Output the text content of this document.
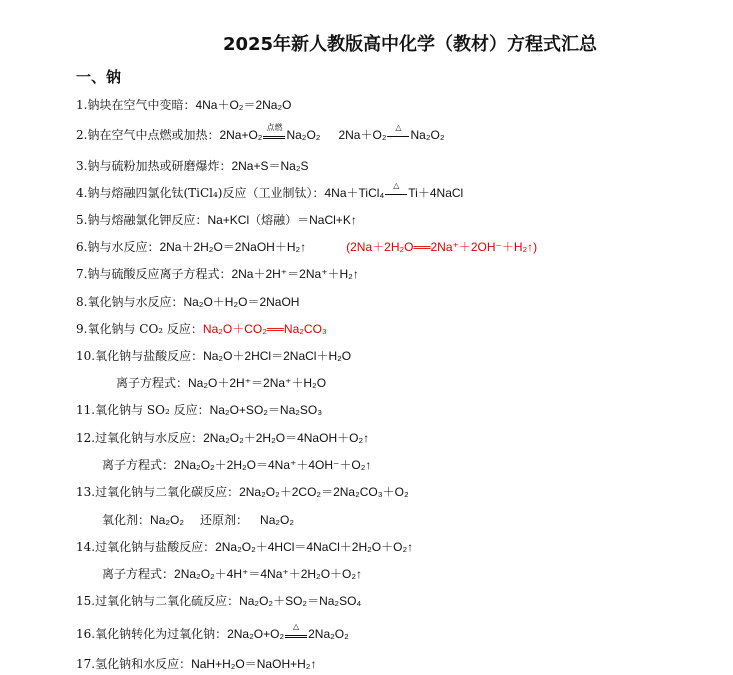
2025年新人教版高中化学（教材）方程式汇总
一、钠
1.钠块在空气中变暗：4Na＋O₂＝2Na₂O
2.钠在空气中点燃或加热：2Na+O₂
点燃
Na₂O₂ 2Na＋O₂
△
Na₂O₂
3.钠与硫粉加热或研磨爆炸：2Na+S＝Na₂S
4.钠与熔融四氯化钛(TiCl₄)反应（工业制钛）：4Na＋TiCl₄
△
Ti＋4NaCl
5.钠与熔融氯化钾反应：Na+KCl（熔融）＝NaCl+K↑
6.钠与水反应：2Na＋2H₂O＝2NaOH＋H₂↑	(2Na＋2H₂O══2Na⁺＋2OH⁻＋H₂↑)
7.钠与硫酸反应离子方程式：2Na＋2H⁺＝2Na⁺＋H₂↑
8.氧化钠与水反应：Na₂O＋H₂O＝2NaOH
9.氧化钠与 CO₂ 反应：Na₂O＋CO₂══Na₂CO₃
10.氧化钠与盐酸反应：Na₂O＋2HCl＝2NaCl＋H₂O
离子方程式：Na₂O＋2H⁺＝2Na⁺＋H₂O
11.氧化钠与 SO₂ 反应：Na₂O+SO₂＝Na₂SO₃
12.过氧化钠与水反应：2Na₂O₂＋2H₂O＝4NaOH＋O₂↑
离子方程式：2Na₂O₂＋2H₂O＝4Na⁺＋4OH⁻＋O₂↑
13.过氧化钠与二氧化碳反应：2Na₂O₂＋2CO₂＝2Na₂CO₃＋O₂
氧化剂：Na₂O₂ 还原剂： Na₂O₂
14.过氧化钠与盐酸反应：2Na₂O₂＋4HCl＝4NaCl＋2H₂O＋O₂↑
离子方程式：2Na₂O₂＋4H⁺＝4Na⁺＋2H₂O＋O₂↑
15.过氧化钠与二氧化硫反应：Na₂O₂＋SO₂＝Na₂SO₄
16.氧化钠转化为过氧化钠：2Na₂O+O₂
△
2Na₂O₂
17.氢化钠和水反应：NaH+H₂O＝NaOH+H₂↑
